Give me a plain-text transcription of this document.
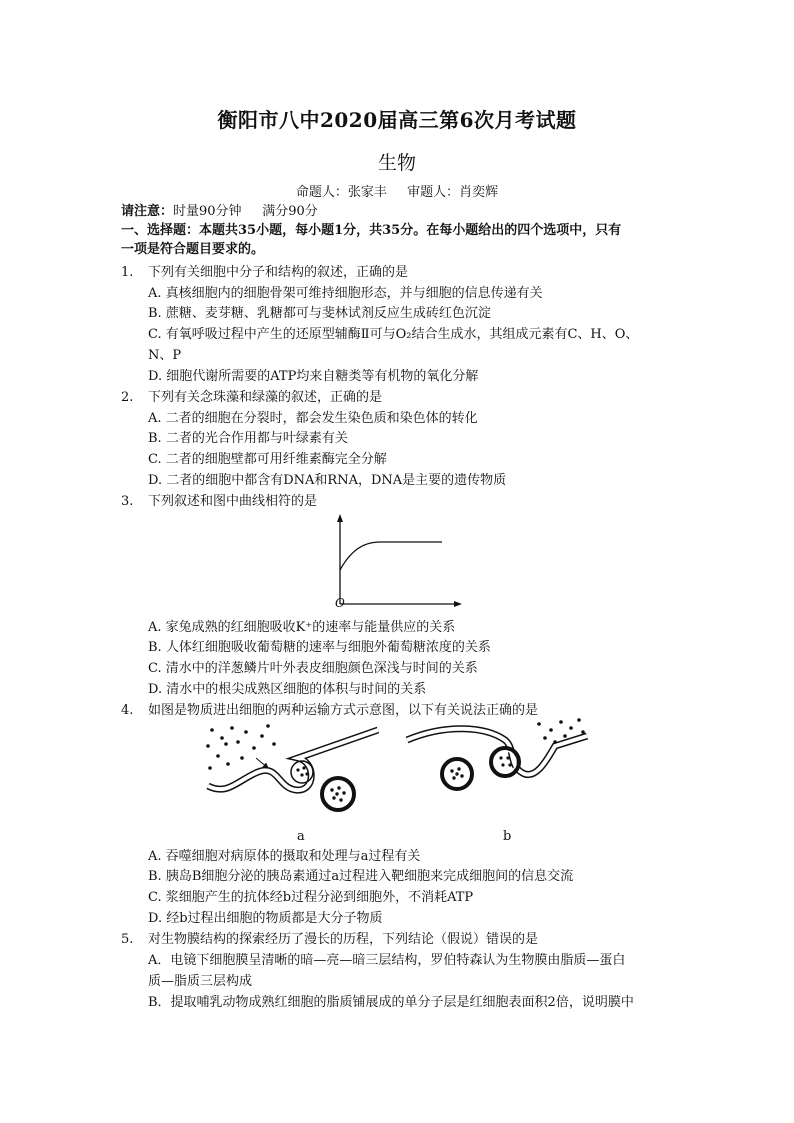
衡阳市八中2020届高三第6次月考试题
生物
命题人：张家丰 审题人：肖奕辉
请注意：时量90分钟 满分90分
一、选择题：本题共35小题，每小题1分，共35分。在每小题给出的四个选项中，只有
一项是符合题目要求的。
1. 下列有关细胞中分子和结构的叙述，正确的是
A. 真核细胞内的细胞骨架可维持细胞形态，并与细胞的信息传递有关
B. 蔗糖、麦芽糖、乳糖都可与斐林试剂反应生成砖红色沉淀
C. 有氧呼吸过程中产生的还原型辅酶Ⅱ可与O₂结合生成水，其组成元素有C、H、O、
N、P
D. 细胞代谢所需要的ATP均来自糖类等有机物的氧化分解
2. 下列有关念珠藻和绿藻的叙述，正确的是
A. 二者的细胞在分裂时，都会发生染色质和染色体的转化
B. 二者的光合作用都与叶绿素有关
C. 二者的细胞壁都可用纤维素酶完全分解
D. 二者的细胞中都含有DNA和RNA，DNA是主要的遗传物质
3. 下列叙述和图中曲线相符的是
O
A. 家兔成熟的红细胞吸收K⁺的速率与能量供应的关系
B. 人体红细胞吸收葡萄糖的速率与细胞外葡萄糖浓度的关系
C. 清水中的洋葱鳞片叶外表皮细胞颜色深浅与时间的关系
D. 清水中的根尖成熟区细胞的体积与时间的关系
4. 如图是物质进出细胞的两种运输方式示意图，以下有关说法正确的是
a	b
A. 吞噬细胞对病原体的摄取和处理与a过程有关
B. 胰岛B细胞分泌的胰岛素通过a过程进入靶细胞来完成细胞间的信息交流
C. 浆细胞产生的抗体经b过程分泌到细胞外，不消耗ATP
D. 经b过程出细胞的物质都是大分子物质
5. 对生物膜结构的探索经历了漫长的历程，下列结论（假说）错误的是
A．电镜下细胞膜呈清晰的暗—亮—暗三层结构，罗伯特森认为生物膜由脂质—蛋白
质—脂质三层构成
B．提取哺乳动物成熟红细胞的脂质铺展成的单分子层是红细胞表面积2倍，说明膜中
